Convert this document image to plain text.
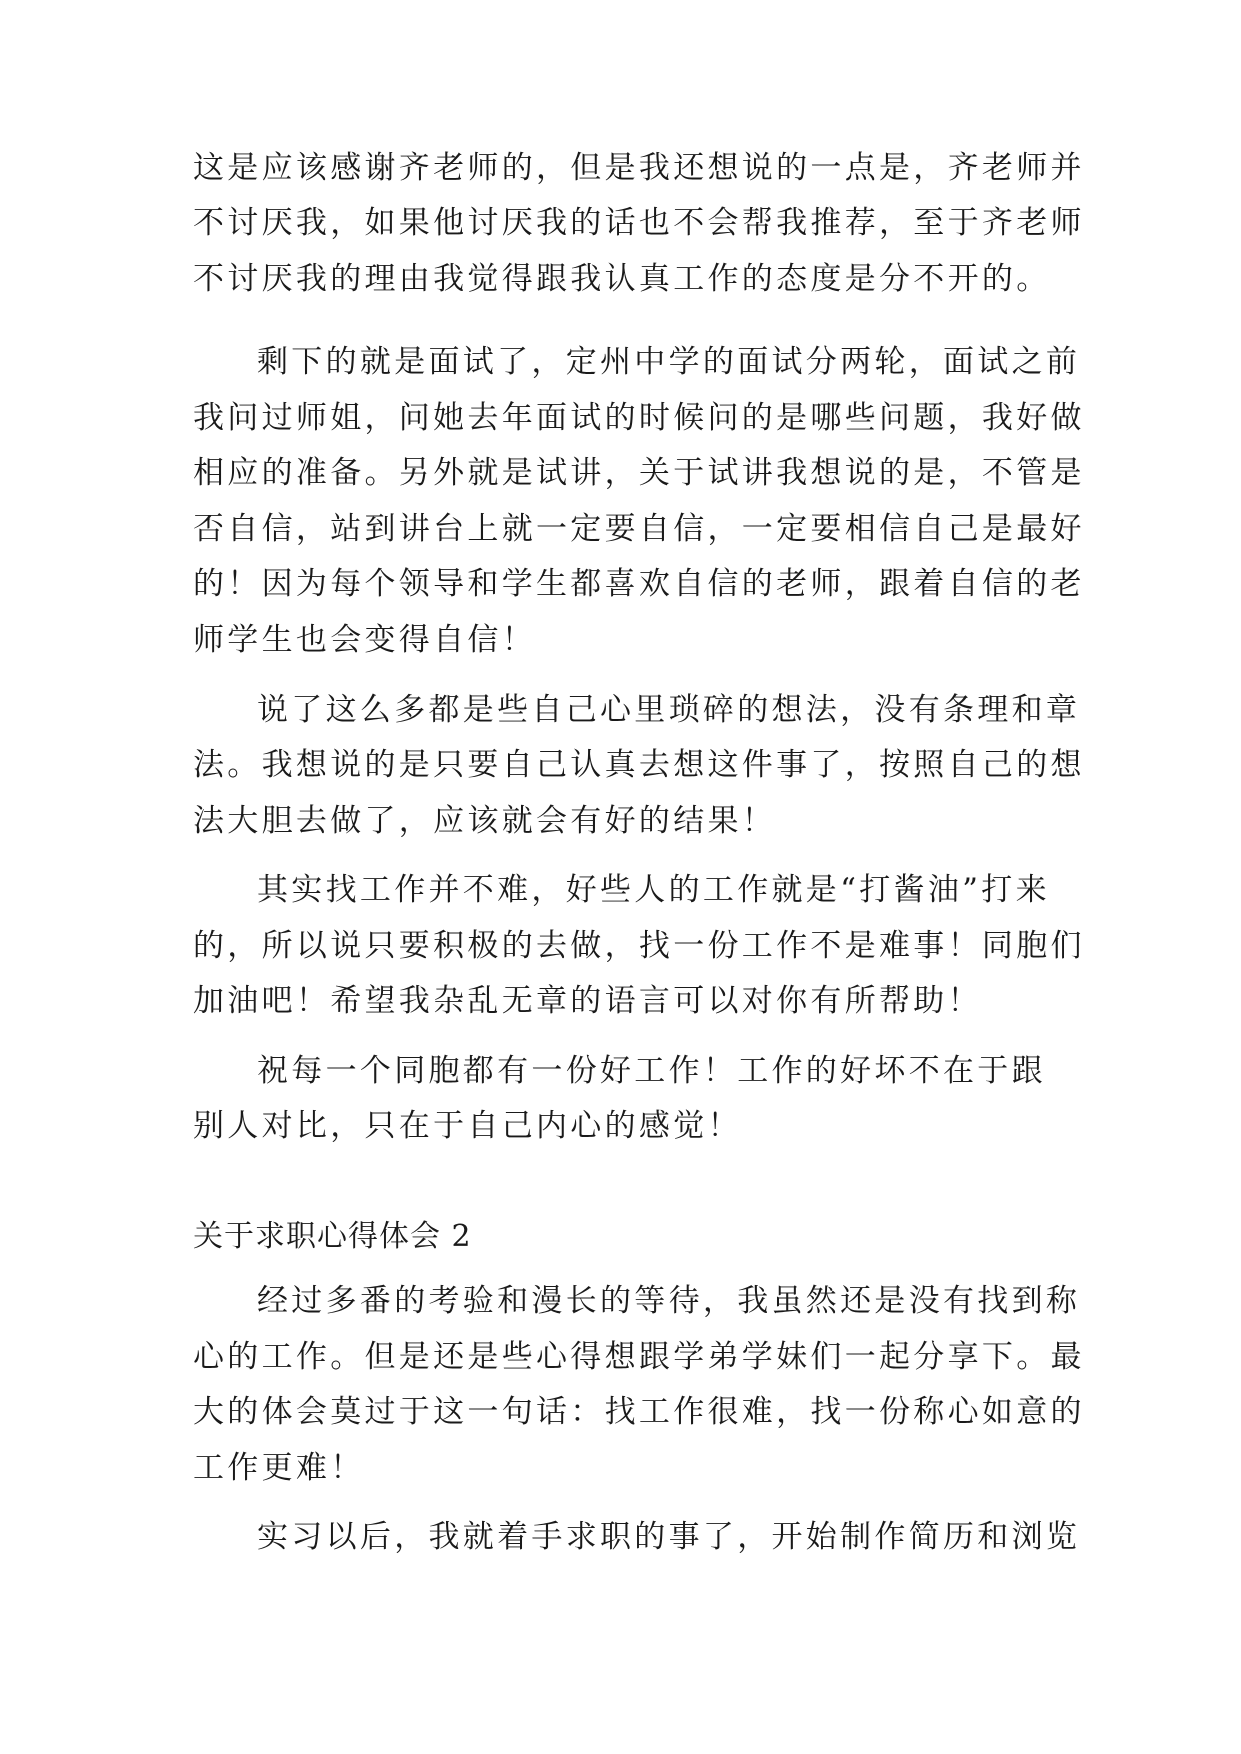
这是应该感谢齐老师的，但是我还想说的一点是，齐老师并
不讨厌我，如果他讨厌我的话也不会帮我推荐，至于齐老师
不讨厌我的理由我觉得跟我认真工作的态度是分不开的。
剩下的就是面试了，定州中学的面试分两轮，面试之前
我问过师姐，问她去年面试的时候问的是哪些问题，我好做
相应的准备。另外就是试讲，关于试讲我想说的是，不管是
否自信，站到讲台上就一定要自信，一定要相信自己是最好
的！因为每个领导和学生都喜欢自信的老师，跟着自信的老
师学生也会变得自信！
说了这么多都是些自己心里琐碎的想法，没有条理和章
法。我想说的是只要自己认真去想这件事了，按照自己的想
法大胆去做了，应该就会有好的结果！
其实找工作并不难，好些人的工作就是“打酱油”打来
的，所以说只要积极的去做，找一份工作不是难事！同胞们
加油吧！希望我杂乱无章的语言可以对你有所帮助！
祝每一个同胞都有一份好工作！工作的好坏不在于跟
别人对比，只在于自己内心的感觉！
关于求职心得体会 2
经过多番的考验和漫长的等待，我虽然还是没有找到称
心的工作。但是还是些心得想跟学弟学妹们一起分享下。最
大的体会莫过于这一句话：找工作很难，找一份称心如意的
工作更难！
实习以后，我就着手求职的事了，开始制作简历和浏览
